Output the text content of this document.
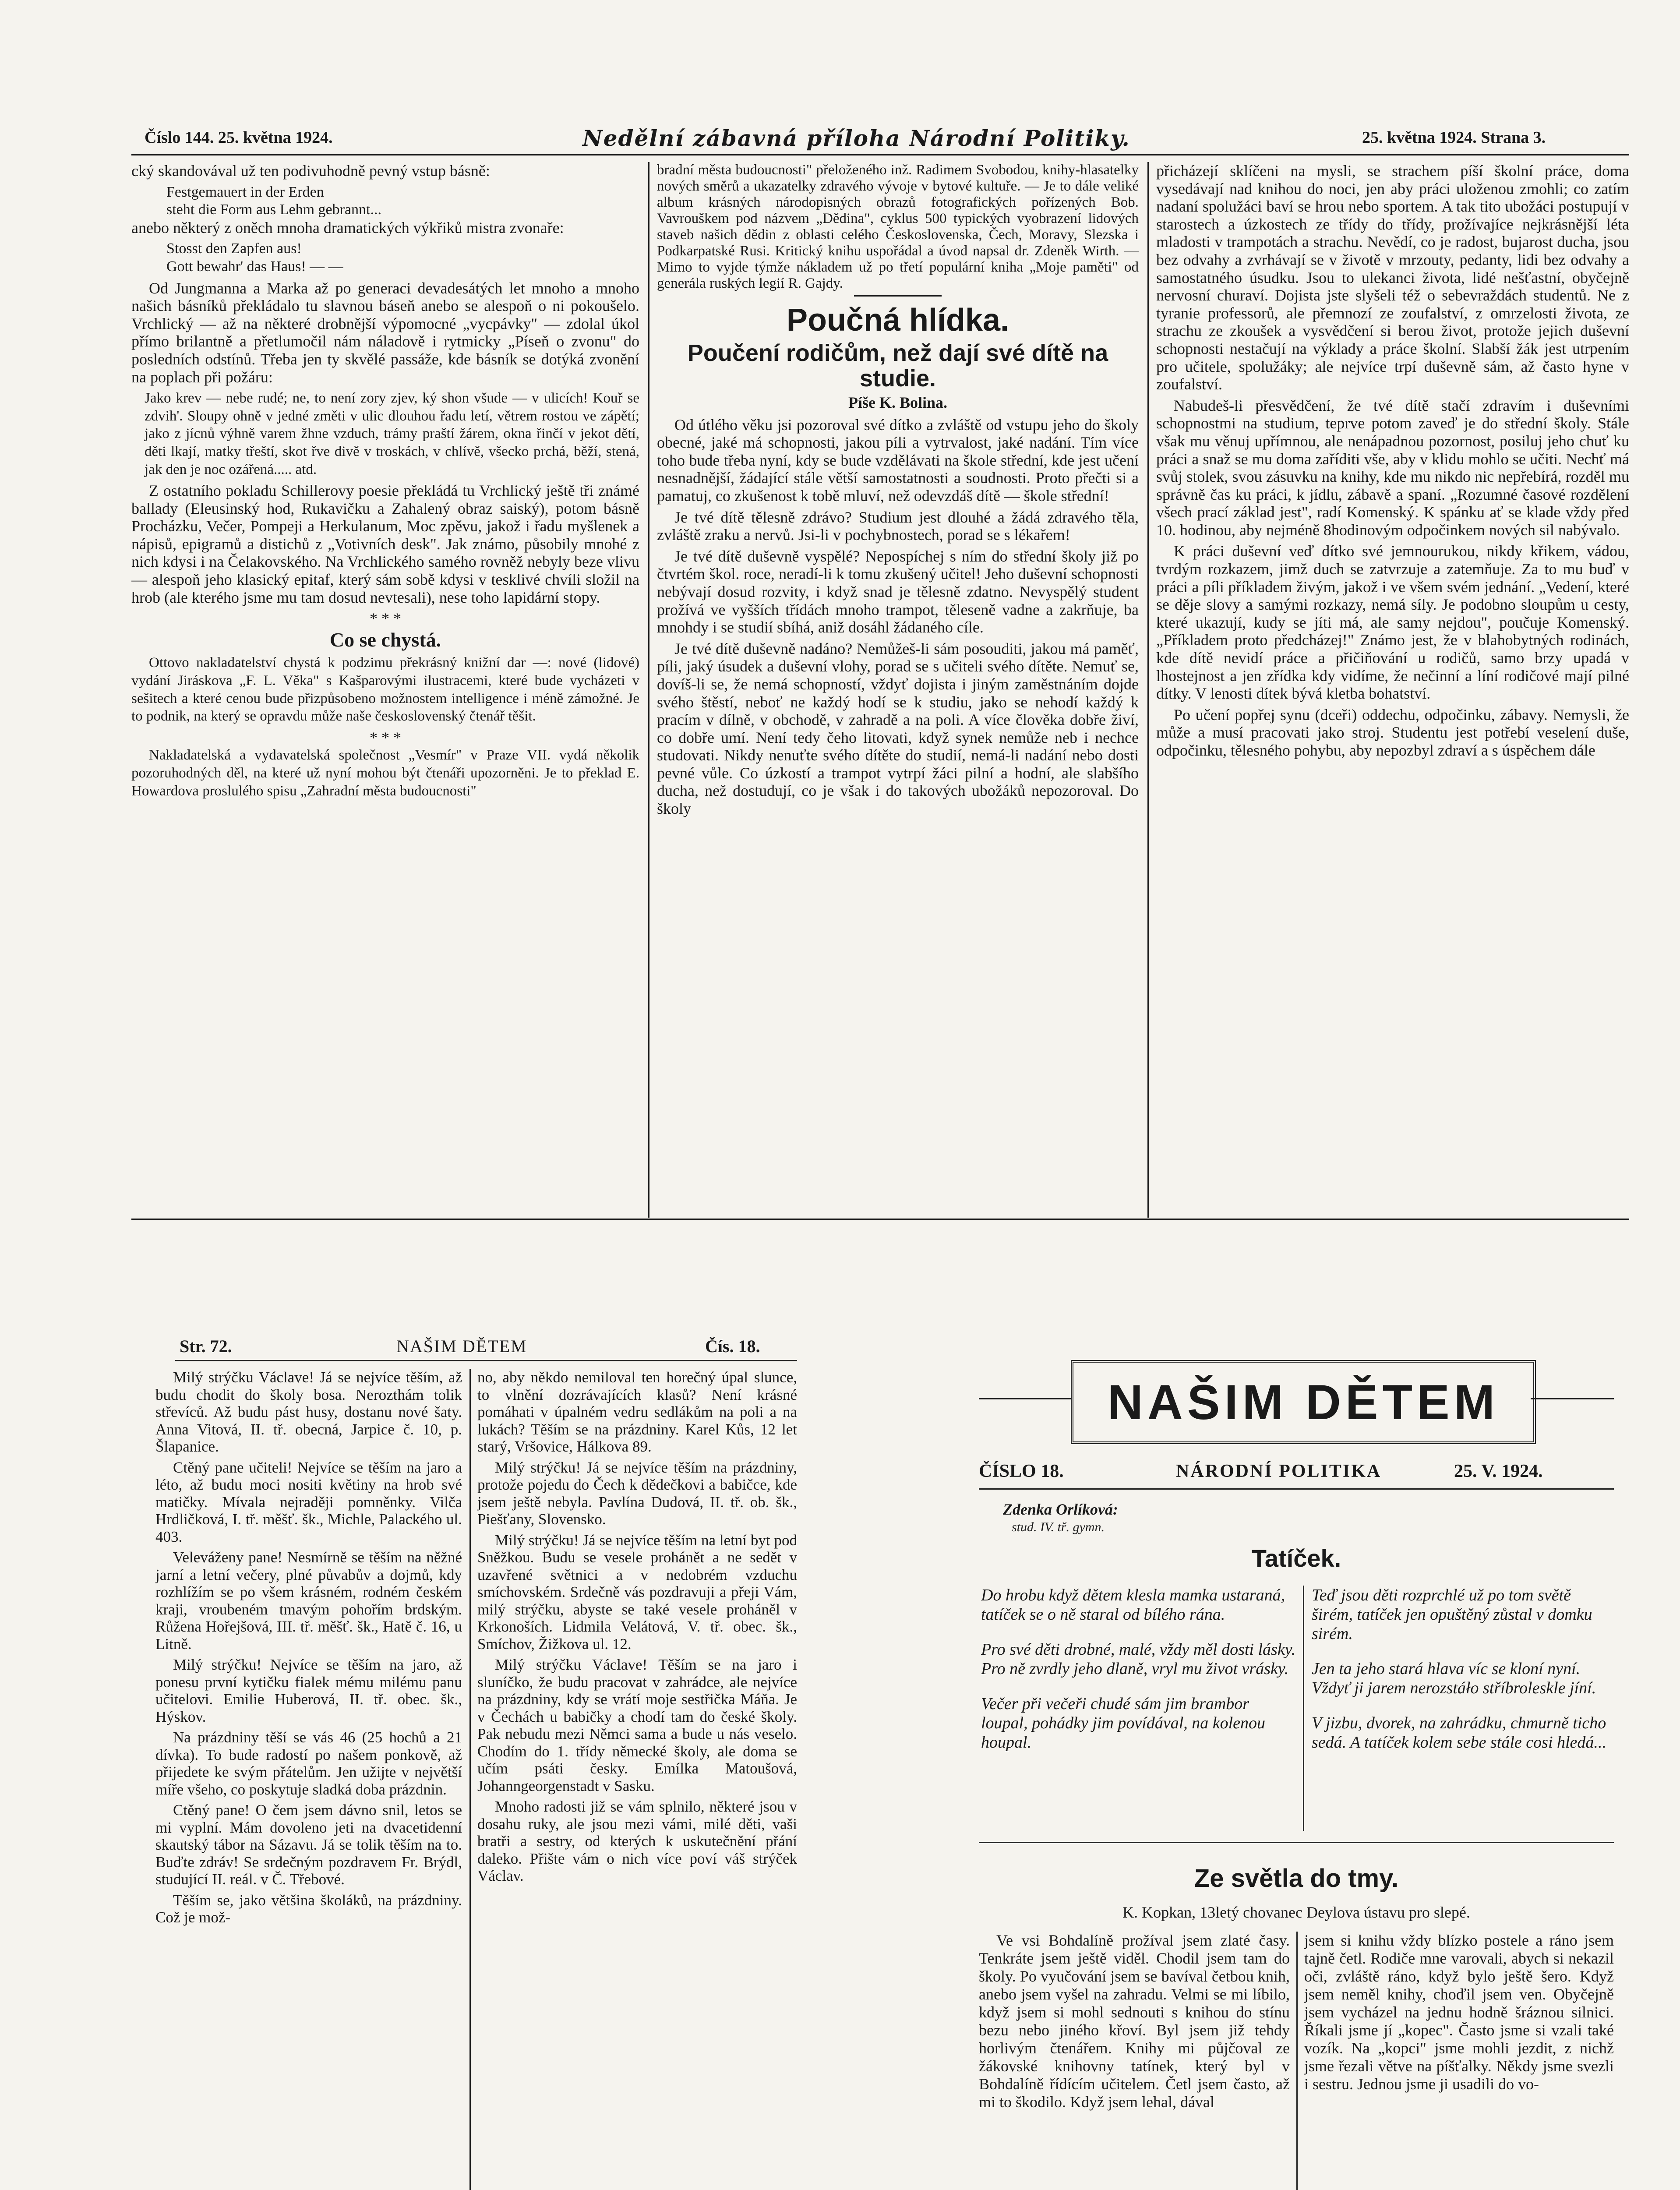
Číslo 144. 25. května 1924.	Nedělní zábavná příloha Národní Politiky.	25. května 1924. Strana 3.

cký skandovával už ten podivuhodně pevný vstup básně:

Festgemauert in der Erden
steht die Form aus Lehm gebrannt...

anebo některý z oněch mnoha dramatických výkřiků mistra zvonaře:

Stosst den Zapfen aus!
Gott bewahr' das Haus! — —

Od Jungmanna a Marka až po generaci devadesátých let mnoho a mnoho našich básníků překládalo tu slavnou báseň anebo se alespoň o ni pokoušelo. Vrchlický — až na některé drobnější výpomocné „vycpávky" — zdolal úkol přímo brilantně a přetlumočil nám náladově i rytmicky „Píseň o zvonu" do posledních odstínů. Třeba jen ty skvělé passáže, kde básník se dotýká zvonění na poplach při požáru:

Jako krev — nebe rudé; ne, to není zory zjev, ký shon všude — v ulicích! Kouř se zdvih'. Sloupy ohně v jedné změti v ulic dlouhou řadu letí, větrem rostou ve zápětí; jako z jícnů výhně varem žhne vzduch, trámy praští žárem, okna řinčí v jekot dětí, děti lkají, matky třeští, skot řve divě v troskách, v chlívě, všecko prchá, běží, stená, jak den je noc ozářená..... atd.

Z ostatního pokladu Schillerovy poesie překládá tu Vrchlický ještě tři známé ballady (Eleusinský hod, Rukavičku a Zahalený obraz saiský), potom básně Procházku, Večer, Pompeji a Herkulanum, Moc zpěvu, jakož i řadu myšlenek a nápisů, epigramů a distichů z „Votivních desk". Jak známo, působily mnohé z nich kdysi i na Čelakovského. Na Vrchlického samého rovněž nebyly beze vlivu — alespoň jeho klasický epitaf, který sám sobě kdysi v tesklivé chvíli složil na hrob (ale kterého jsme mu tam dosud nevtesali), nese toho lapidární stopy.

* * *
Co se chystá.

Ottovo nakladatelství chystá k podzimu překrásný knižní dar —: nové (lidové) vydání Jiráskova „F. L. Věka" s Kašparovými ilustracemi, které bude vycházeti v sešitech a které cenou bude přizpůsobeno možnostem intelligence i méně zámožné. Je to podnik, na který se opravdu může naše československý čtenář těšit.

* * *

Nakladatelská a vydavatelská společnost „Vesmír" v Praze VII. vydá několik pozoruhodných děl, na které už nyní mohou být čtenáři upozorněni. Je to překlad E. Howardova proslulého spisu „Zahradní města budoucnosti"

bradní města budoucnosti" přeloženého inž. Radimem Svobodou, knihy-hlasatelky nových směrů a ukazatelky zdravého vývoje v bytové kultuře. — Je to dále veliké album krásných národopisných obrazů fotografických pořízených Bob. Vavrouškem pod názvem „Dědina", cyklus 500 typických vyobrazení lidových staveb našich dědin z oblasti celého Československa, Čech, Moravy, Slezska i Podkarpatské Rusi. Kritický knihu uspořádal a úvod napsal dr. Zdeněk Wirth. — Mimo to vyjde týmže nákladem už po třetí populární kniha „Moje paměti" od generála ruských legií R. Gajdy.

Poučná hlídka.
Poučení rodičům, než dají své dítě na studie.
Píše K. Bolina.

Od útlého věku jsi pozoroval své dítko a zvláště od vstupu jeho do školy obecné, jaké má schopnosti, jakou píli a vytrvalost, jaké nadání. Tím více toho bude třeba nyní, kdy se bude vzdělávati na škole střední, kde jest učení nesnadnější, žádající stále větší samostatnosti a soudnosti. Proto přečti si a pamatuj, co zkušenost k tobě mluví, než odevzdáš dítě — škole střední!

Je tvé dítě tělesně zdrávo? Studium jest dlouhé a žádá zdravého těla, zvláště zraku a nervů. Jsi-li v pochybnostech, porad se s lékařem!

Je tvé dítě duševně vyspělé? Nepospíchej s ním do střední školy již po čtvrtém škol. roce, neradí-li k tomu zkušený učitel! Jeho duševní schopnosti nebývají dosud rozvity, i když snad je tělesně zdatno. Nevyspělý student prožívá ve vyšších třídách mnoho trampot, těleseně vadne a zakrňuje, ba mnohdy i se studií sbíhá, aniž dosáhl žádaného cíle.

Je tvé dítě duševně nadáno? Nemůžeš-li sám posouditi, jakou má paměť, píli, jaký úsudek a duševní vlohy, porad se s učiteli svého dítěte. Nemuť se, dovíš-li se, že nemá schopností, vždyť dojista i jiným zaměstnáním dojde svého štěstí, neboť ne každý hodí se k studiu, jako se nehodí každý k pracím v dílně, v obchodě, v zahradě a na poli. A více člověka dobře živí, co dobře umí. Není tedy čeho litovati, když synek nemůže neb i nechce studovati. Nikdy nenuťte svého dítěte do studií, nemá-li nadání nebo dosti pevné vůle. Co úzkostí a trampot vytrpí žáci pilní a hodní, ale slabšího ducha, než dostudují, co je však i do takových ubožáků nepozoroval. Do školy

přicházejí sklíčeni na mysli, se strachem píší školní práce, doma vysedávají nad knihou do noci, jen aby práci uloženou zmohli; co zatím nadaní spolužáci baví se hrou nebo sportem. A tak tito ubožáci postupují v starostech a úzkostech ze třídy do třídy, prožívajíce nejkrásnější léta mladosti v trampotách a strachu. Nevědí, co je radost, bujarost ducha, jsou bez odvahy a zvrhávají se v životě v mrzouty, pedanty, lidi bez odvahy a samostatného úsudku. Jsou to ulekanci života, lidé nešťastní, obyčejně nervosní churaví. Dojista jste slyšeli též o sebevraždách studentů. Ne z tyranie professorů, ale přemnozí ze zoufalství, z omrzelosti života, ze strachu ze zkoušek a vysvědčení si berou život, protože jejich duševní schopnosti nestačují na výklady a práce školní. Slabší žák jest utrpením pro učitele, spolužáky; ale nejvíce trpí duševně sám, až často hyne v zoufalství.

Nabudeš-li přesvědčení, že tvé dítě stačí zdravím i duševními schopnostmi na studium, teprve potom zaveď je do střední školy. Stále však mu věnuj upřímnou, ale nenápadnou pozornost, posiluj jeho chuť ku práci a snaž se mu doma zaříditi vše, aby v klidu mohlo se učiti. Nechť má svůj stolek, svou zásuvku na knihy, kde mu nikdo nic nepřebírá, rozděl mu správně čas ku práci, k jídlu, zábavě a spaní. „Rozumné časové rozdělení všech prací základ jest", radí Komenský. K spánku ať se klade vždy před 10. hodinou, aby nejméně 8hodinovým odpočinkem nových sil nabývalo.

K práci duševní veď dítko své jemnourukou, nikdy křikem, vádou, tvrdým rozkazem, jimž duch se zatvrzuje a zatemňuje. Za to mu buď v práci a píli příkladem živým, jakož i ve všem svém jednání. „Vedení, které se děje slovy a samými rozkazy, nemá síly. Je podobno sloupům u cesty, které ukazují, kudy se jíti má, ale samy nejdou", poučuje Komenský. „Příkladem proto předcházej!" Známo jest, že v blahobytných rodinách, kde dítě nevidí práce a přičiňování u rodičů, samo brzy upadá v lhostejnost a jen zřídka kdy vidíme, že nečinní a líní rodičové mají pilné dítky. V lenosti dítek bývá kletba bohatství.

Po učení popřej synu (dceři) oddechu, odpočinku, zábavy. Nemysli, že může a musí pracovati jako stroj. Studentu jest potřebí veselení duše, odpočinku, tělesného pohybu, aby nepozbyl zdraví a s úspěchem dále

Str. 72.	NAŠIM DĚTEM	Čís. 18.

Milý strýčku Václave! Já se nejvíce těším, až budu chodit do školy bosa. Nerozthám tolik střevíců. Až budu pást husy, dostanu nové šaty. Anna Vitová, II. tř. obecná, Jarpice č. 10, p. Šlapanice.

Ctěný pane učiteli! Nejvíce se těším na jaro a léto, až budu moci nositi květiny na hrob své matičky. Mívala nejraději pomněnky. Vilča Hrdličková, I. tř. měšť. šk., Michle, Palackého ul. 403.

Veleváženy pane! Nesmírně se těším na něžné jarní a letní večery, plné půvabův a dojmů, kdy rozhlížím se po všem krásném, rodném českém kraji, vroubeném tmavým pohořím brdským. Růžena Hořejšová, III. tř. měšť. šk., Hatě č. 16, u Litně.

Milý strýčku! Nejvíce se těším na jaro, až ponesu první kytičku fialek mému milému panu učitelovi. Emilie Huberová, II. tř. obec. šk., Hýskov.

Na prázdniny těší se vás 46 (25 hochů a 21 dívka). To bude radostí po našem ponkově, až přijedete ke svým přátelům. Jen užijte v největší míře všeho, co poskytuje sladká doba prázdnin.

Ctěný pane! O čem jsem dávno snil, letos se mi vyplní. Mám dovoleno jeti na dvacetidenní skautský tábor na Sázavu. Já se tolik těším na to. Buďte zdráv! Se srdečným pozdravem Fr. Brýdl, studující II. reál. v Č. Třebové.

Těším se, jako většina školáků, na prázdniny. Což je mož-

no, aby někdo nemiloval ten horečný úpal slunce, to vlnění dozrávajících klasů? Není krásné pomáhati v úpalném vedru sedlákům na poli a na lukách? Těším se na prázdniny. Karel Kůs, 12 let starý, Vršovice, Hálkova 89.

Milý strýčku! Já se nejvíce těším na prázdniny, protože pojedu do Čech k dědečkovi a babičce, kde jsem ještě nebyla. Pavlína Dudová, II. tř. ob. šk., Piešťany, Slovensko.

Milý strýčku! Já se nejvíce těším na letní byt pod Sněžkou. Budu se vesele prohánět a ne sedět v uzavřené světnici a v nedobrém vzduchu smíchovském. Srdečně vás pozdravuji a přeji Vám, milý strýčku, abyste se také vesele proháněl v Krkonoších. Lidmila Velátová, V. tř. obec. šk., Smíchov, Žižkova ul. 12.

Milý strýčku Václave! Těším se na jaro i sluníčko, že budu pracovat v zahrádce, ale nejvíce na prázdniny, kdy se vrátí moje sestřička Máňa. Je v Čechách u babičky a chodí tam do české školy. Pak nebudu mezi Němci sama a bude u nás veselo. Chodím do 1. třídy německé školy, ale doma se učím psáti česky. Emílka Matoušová, Johanngeorgenstadt v Sasku.

Mnoho radosti již se vám splnilo, některé jsou v dosahu ruky, ale jsou mezi vámi, milé děti, vaši bratři a sestry, od kterých k uskutečnění přání daleko. Přište vám o nich více poví váš strýček Václav.

NAŠIM DĚTEM
ČÍSLO 18.	NÁRODNÍ POLITIKA	25. V. 1924.
Zdenka Orlíková:
stud. IV. tř. gymn.
Tatíček.

Do hrobu když dětem klesla mamka ustaraná, tatíček se o ně staral od bílého rána.

Pro své děti drobné, malé, vždy měl dosti lásky. Pro ně zvrdly jeho dlaně, vryl mu život vrásky.

Večer při večeři chudé sám jim brambor loupal, pohádky jim povídával, na kolenou houpal.

Teď jsou děti rozprchlé už po tom světě širém, tatíček jen opuštěný zůstal v domku sirém.

Jen ta jeho stará hlava víc se kloní nyní. Vždyť ji jarem nerozstáło stříbroleskle jíní.

V jizbu, dvorek, na zahrádku, chmurně ticho sedá. A tatíček kolem sebe stále cosi hledá...

Ze světla do tmy.
K. Kopkan, 13letý chovanec Deylova ústavu pro slepé.

Ve vsi Bohdalíně prožíval jsem zlaté časy. Tenkráte jsem ještě viděl. Chodil jsem tam do školy. Po vyučování jsem se bavíval četbou knih, anebo jsem vyšel na zahradu. Velmi se mi líbilo, když jsem si mohl sednouti s knihou do stínu bezu nebo jiného křoví. Byl jsem již tehdy horlivým čtenářem. Knihy mi půjčoval ze žákovské knihovny tatínek, který byl v Bohdalíně řídícím učitelem. Četl jsem často, až mi to škodilo. Když jsem lehal, dával

jsem si knihu vždy blízko postele a ráno jsem tajně četl. Rodiče mne varovali, abych si nekazil oči, zvláště ráno, když bylo ještě šero. Když jsem neměl knihy, choďil jsem ven. Obyčejně jsem vycházel na jednu hodně šráznou silnici. Říkali jsme jí „kopec". Často jsme si vzali také vozík. Na „kopci" jsme mohli jezdit, z nichž jsme řezali větve na píšťalky. Někdy jsme svezli i sestru. Jednou jsme ji usadili do vo-
